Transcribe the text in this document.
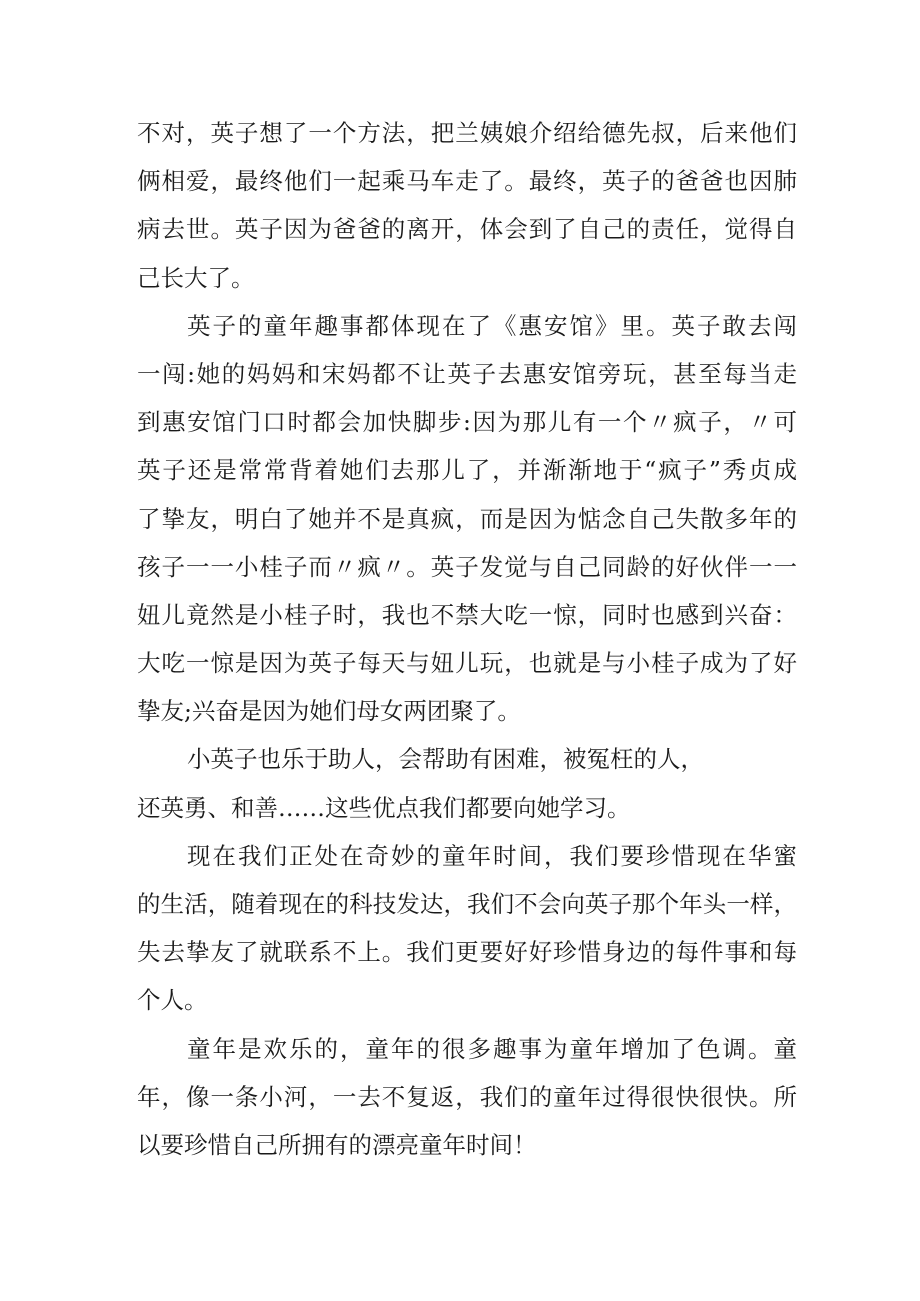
不对，英子想了一个方法，把兰姨娘介绍给德先叔，后来他们
俩相爱，最终他们一起乘马车走了。最终，英子的爸爸也因肺
病去世。英子因为爸爸的离开，体会到了自己的责任，觉得自
己长大了。
英子的童年趣事都体现在了《惠安馆》里。英子敢去闯
一闯:她的妈妈和宋妈都不让英子去惠安馆旁玩，甚至每当走
到惠安馆门口时都会加快脚步:因为那儿有一个〃疯子，〃可
英子还是常常背着她们去那儿了，并渐渐地于“疯子”秀贞成
了挚友，明白了她并不是真疯，而是因为惦念自己失散多年的
孩子一一小桂子而〃疯〃。英子发觉与自己同龄的好伙伴一一
妞儿竟然是小桂子时，我也不禁大吃一惊，同时也感到兴奋：
大吃一惊是因为英子每天与妞儿玩，也就是与小桂子成为了好
挚友;兴奋是因为她们母女两团聚了。
小英子也乐于助人，会帮助有困难，被冤枉的人，
还英勇、和善……这些优点我们都要向她学习。
现在我们正处在奇妙的童年时间，我们要珍惜现在华蜜
的生活，随着现在的科技发达，我们不会向英子那个年头一样，
失去挚友了就联系不上。我们更要好好珍惜身边的每件事和每
个人。
童年是欢乐的，童年的很多趣事为童年增加了色调。童
年，像一条小河，一去不复返，我们的童年过得很快很快。所
以要珍惜自己所拥有的漂亮童年时间！
